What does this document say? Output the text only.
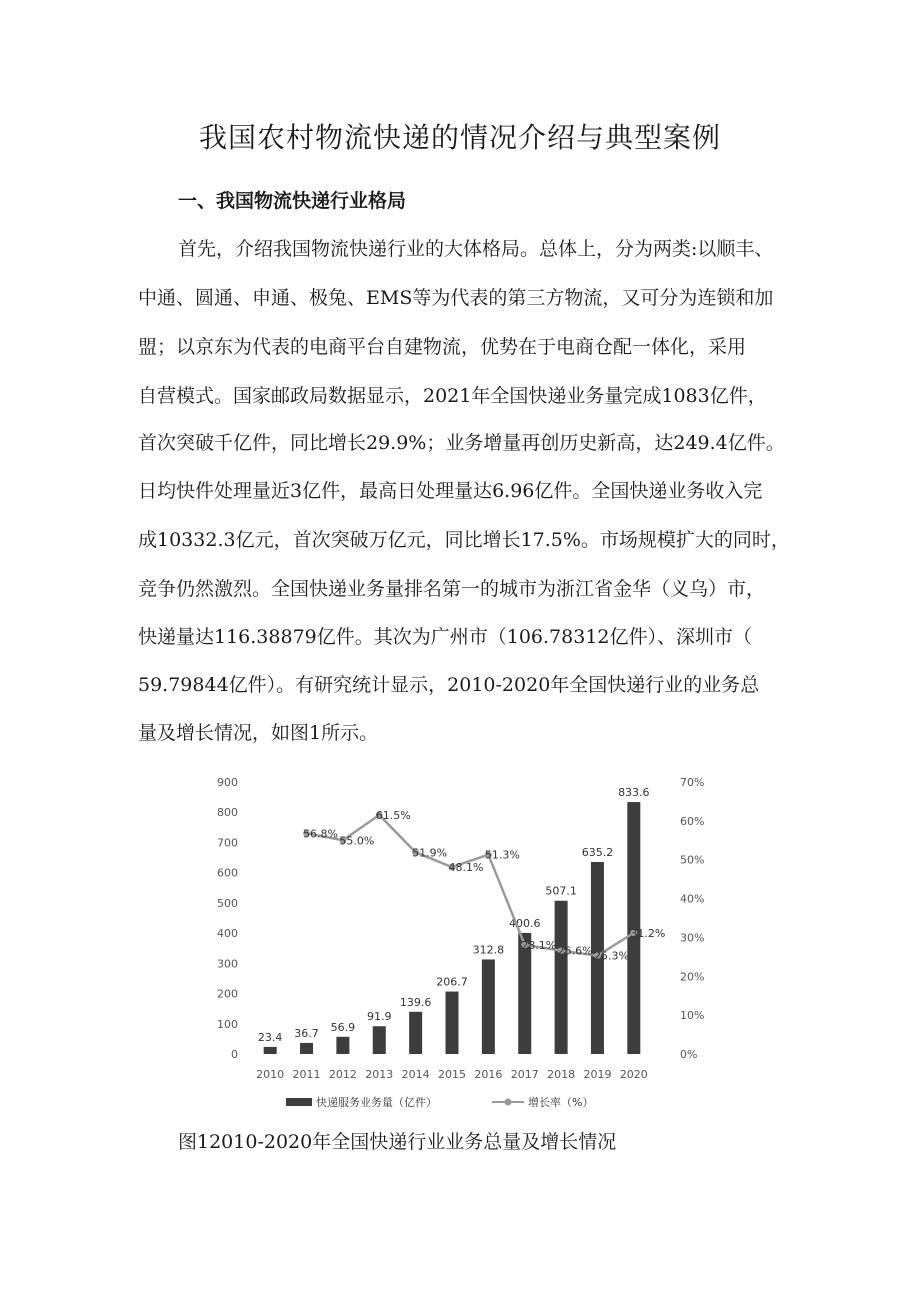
我国农村物流快递的情况介绍与典型案例
一、我国物流快递行业格局
首先，介绍我国物流快递行业的大体格局。总体上，分为两类:以顺丰、
中通、圆通、申通、极兔、EMS等为代表的第三方物流，又可分为连锁和加
盟；以京东为代表的电商平台自建物流，优势在于电商仓配一体化，采用
自营模式。国家邮政局数据显示，2021年全国快递业务量完成1083亿件，
首次突破千亿件，同比增长29.9%；业务增量再创历史新高，达249.4亿件。
日均快件处理量近3亿件，最高日处理量达6.96亿件。全国快递业务收入完
成10332.3亿元，首次突破万亿元，同比增长17.5%。市场规模扩大的同时，
竞争仍然激烈。全国快递业务量排名第一的城市为浙江省金华（义乌）市，
快递量达116.38879亿件。其次为广州市（106.78312亿件）、深圳市（
59.79844亿件）。有研究统计显示，2010-2020年全国快递行业的业务总
量及增长情况，如图1所示。
0
100
200
300
400
500
600
700
800
900
0%
10%
20%
30%
40%
50%
60%
70%
23.4 36.7 56.9
91.9
139.6
206.7
312.8
400.6
507.1
635.2
833.6
56.8%
55.0%
61.5%
51.9%
48.1%
51.3%
28.1% 26.6% 25.3%
31.2%
2010 2011 2012 2013 2014 2015 2016 2017 2018 2019 2020
快递服务业务量（亿件）	增长率（%）
图12010-2020年全国快递行业业务总量及增长情况
